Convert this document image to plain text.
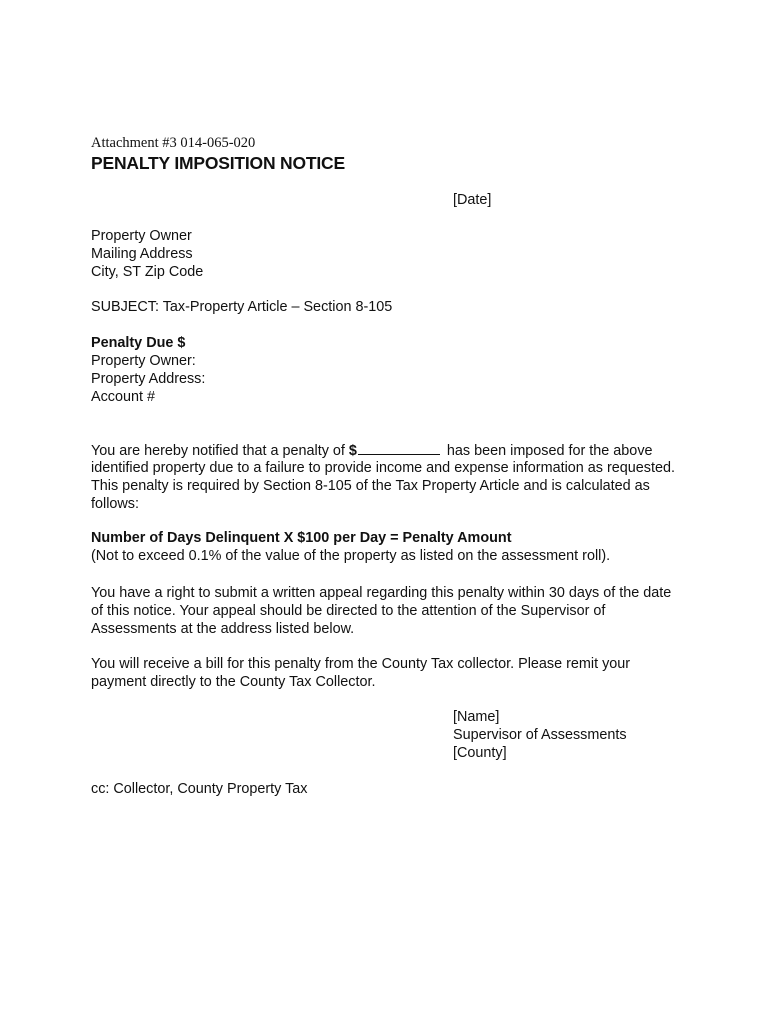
Attachment #3 014-065-020
PENALTY IMPOSITION NOTICE
[Date]
Property Owner
Mailing Address
City, ST Zip Code
SUBJECT: Tax-Property Article – Section 8-105
Penalty Due $
Property Owner:
Property Address:
Account #
You are hereby notified that a penalty of $	has been imposed for the above
identified property due to a failure to provide income and expense information as requested.
This penalty is required by Section 8-105 of the Tax Property Article and is calculated as
follows:
Number of Days Delinquent X $100 per Day = Penalty Amount
(Not to exceed 0.1% of the value of the property as listed on the assessment roll).
You have a right to submit a written appeal regarding this penalty within 30 days of the date
of this notice. Your appeal should be directed to the attention of the Supervisor of
Assessments at the address listed below.
You will receive a bill for this penalty from the County Tax collector. Please remit your
payment directly to the County Tax Collector.
[Name]
Supervisor of Assessments
[County]
cc: Collector, County Property Tax
